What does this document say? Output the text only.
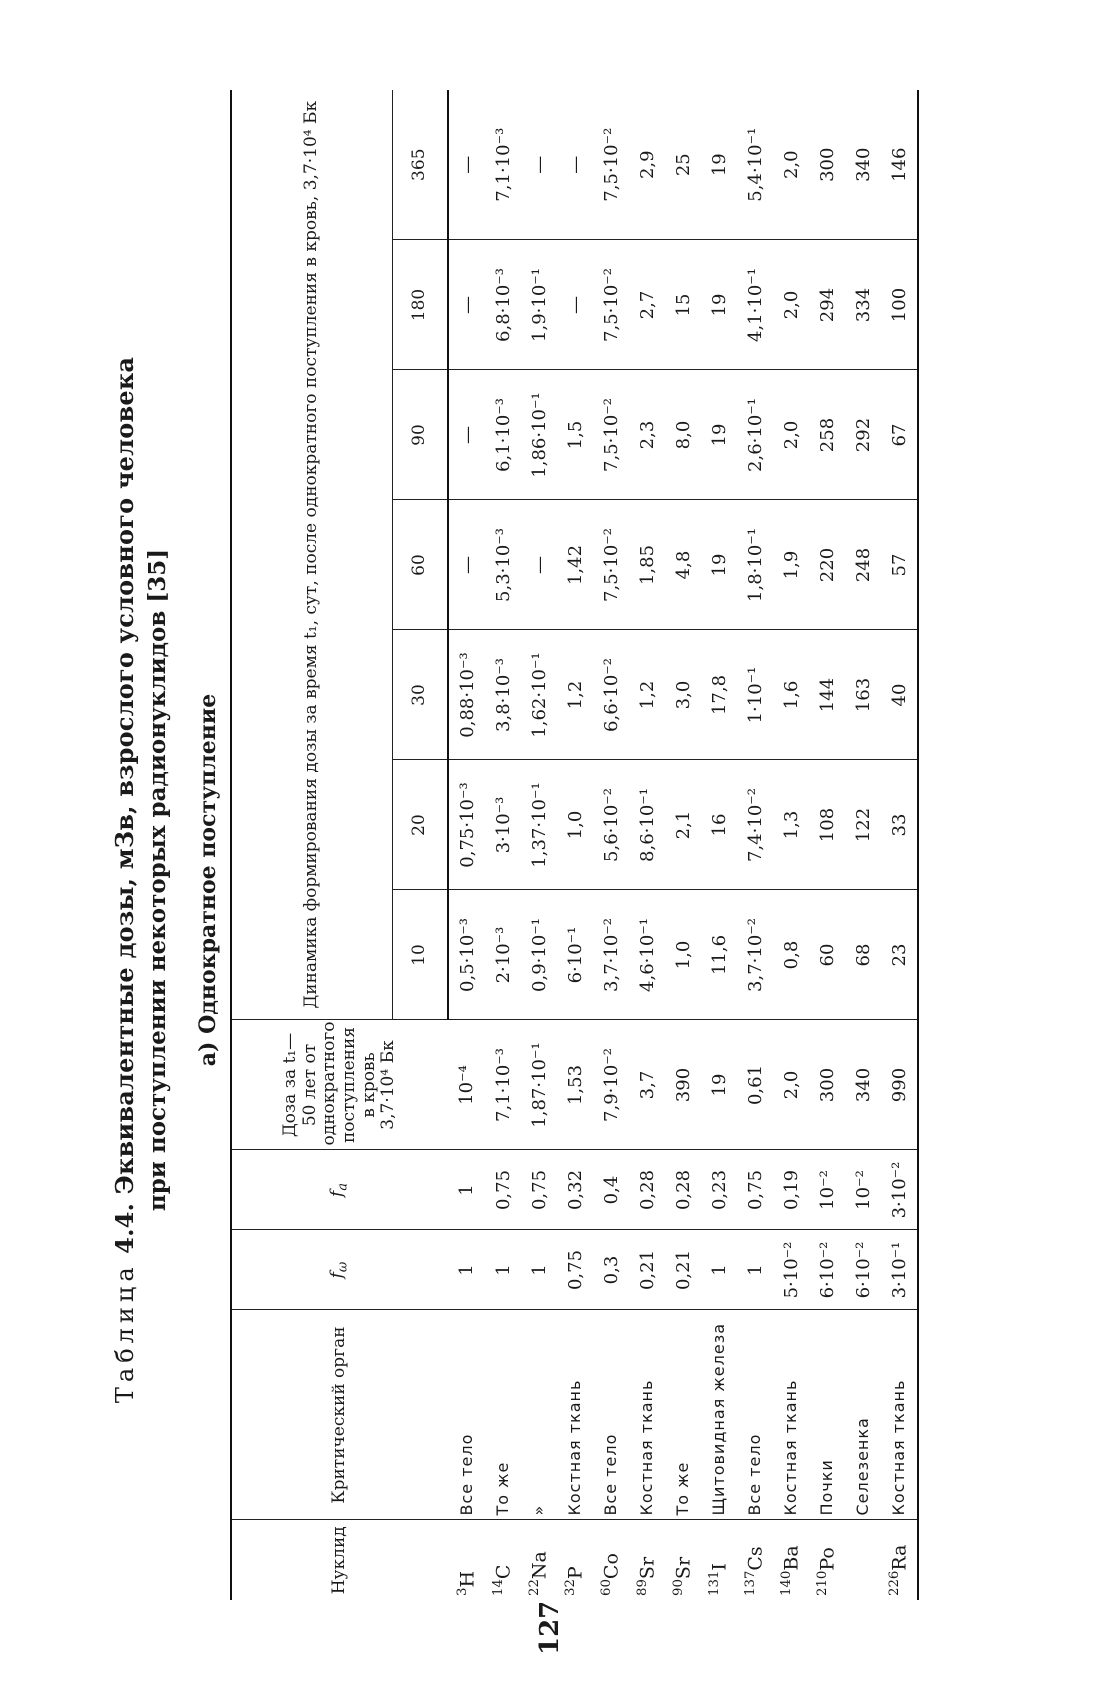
Таблица 4.4. Эквивалентные дозы, мЗв, взрослого условного человека при поступлении некоторых радионуклидов [35] а) Однократное поступление
127
Нуклид	Критический орган	$f_\omega$	$f_a$	Доза за t₁—50 лет от однократного поступления в кровь 3,7·10⁴ Бк	Динамика формирования дозы за время t₁, сут, после однократного поступления в кровь, 3,7·10⁴ Бк						
					10	20	30	60	90	180	365
$^3$H	Все тело	1	1	10⁻⁴	0,5·10⁻³	0,75·10⁻³	0,88·10⁻³	—	—	—	—
$^{14}$C	То же	1	0,75	7,1·10⁻³	2·10⁻³	3·10⁻³	3,8·10⁻³	5,3·10⁻³	6,1·10⁻³	6,8·10⁻³	7,1·10⁻³
$^{22}$Na	»	1	0,75	1,87·10⁻¹	0,9·10⁻¹	1,37·10⁻¹	1,62·10⁻¹	—	1,86·10⁻¹	1,9·10⁻¹	—
$^{32}$P	Костная ткань	0,75	0,32	1,53	6·10⁻¹	1,0	1,2	1,42	1,5	—	—
$^{60}$Co	Все тело	0,3	0,4	7,9·10⁻²	3,7·10⁻²	5,6·10⁻²	6,6·10⁻²	7,5·10⁻²	7,5·10⁻²	7,5·10⁻²	7,5·10⁻²
$^{89}$Sr	Костная ткань	0,21	0,28	3,7	4,6·10⁻¹	8,6·10⁻¹	1,2	1,85	2,3	2,7	2,9
$^{90}$Sr	То же	0,21	0,28	390	1,0	2,1	3,0	4,8	8,0	15	25
$^{131}$I	Щитовидная железа	1	0,23	19	11,6	16	17,8	19	19	19	19
$^{137}$Cs	Все тело	1	0,75	0,61	3,7·10⁻²	7,4·10⁻²	1·10⁻¹	1,8·10⁻¹	2,6·10⁻¹	4,1·10⁻¹	5,4·10⁻¹
$^{140}$Ba	Костная ткань	5·10⁻²	0,19	2,0	0,8	1,3	1,6	1,9	2,0	2,0	2,0
$^{210}$Po	Почки	6·10⁻²	10⁻²	300	60	108	144	220	258	294	300
	Селезенка	6·10⁻²	10⁻²	340	68	122	163	248	292	334	340
$^{226}$Ra	Костная ткань	3·10⁻¹	3·10⁻²	990	23	33	40	57	67	100	146
